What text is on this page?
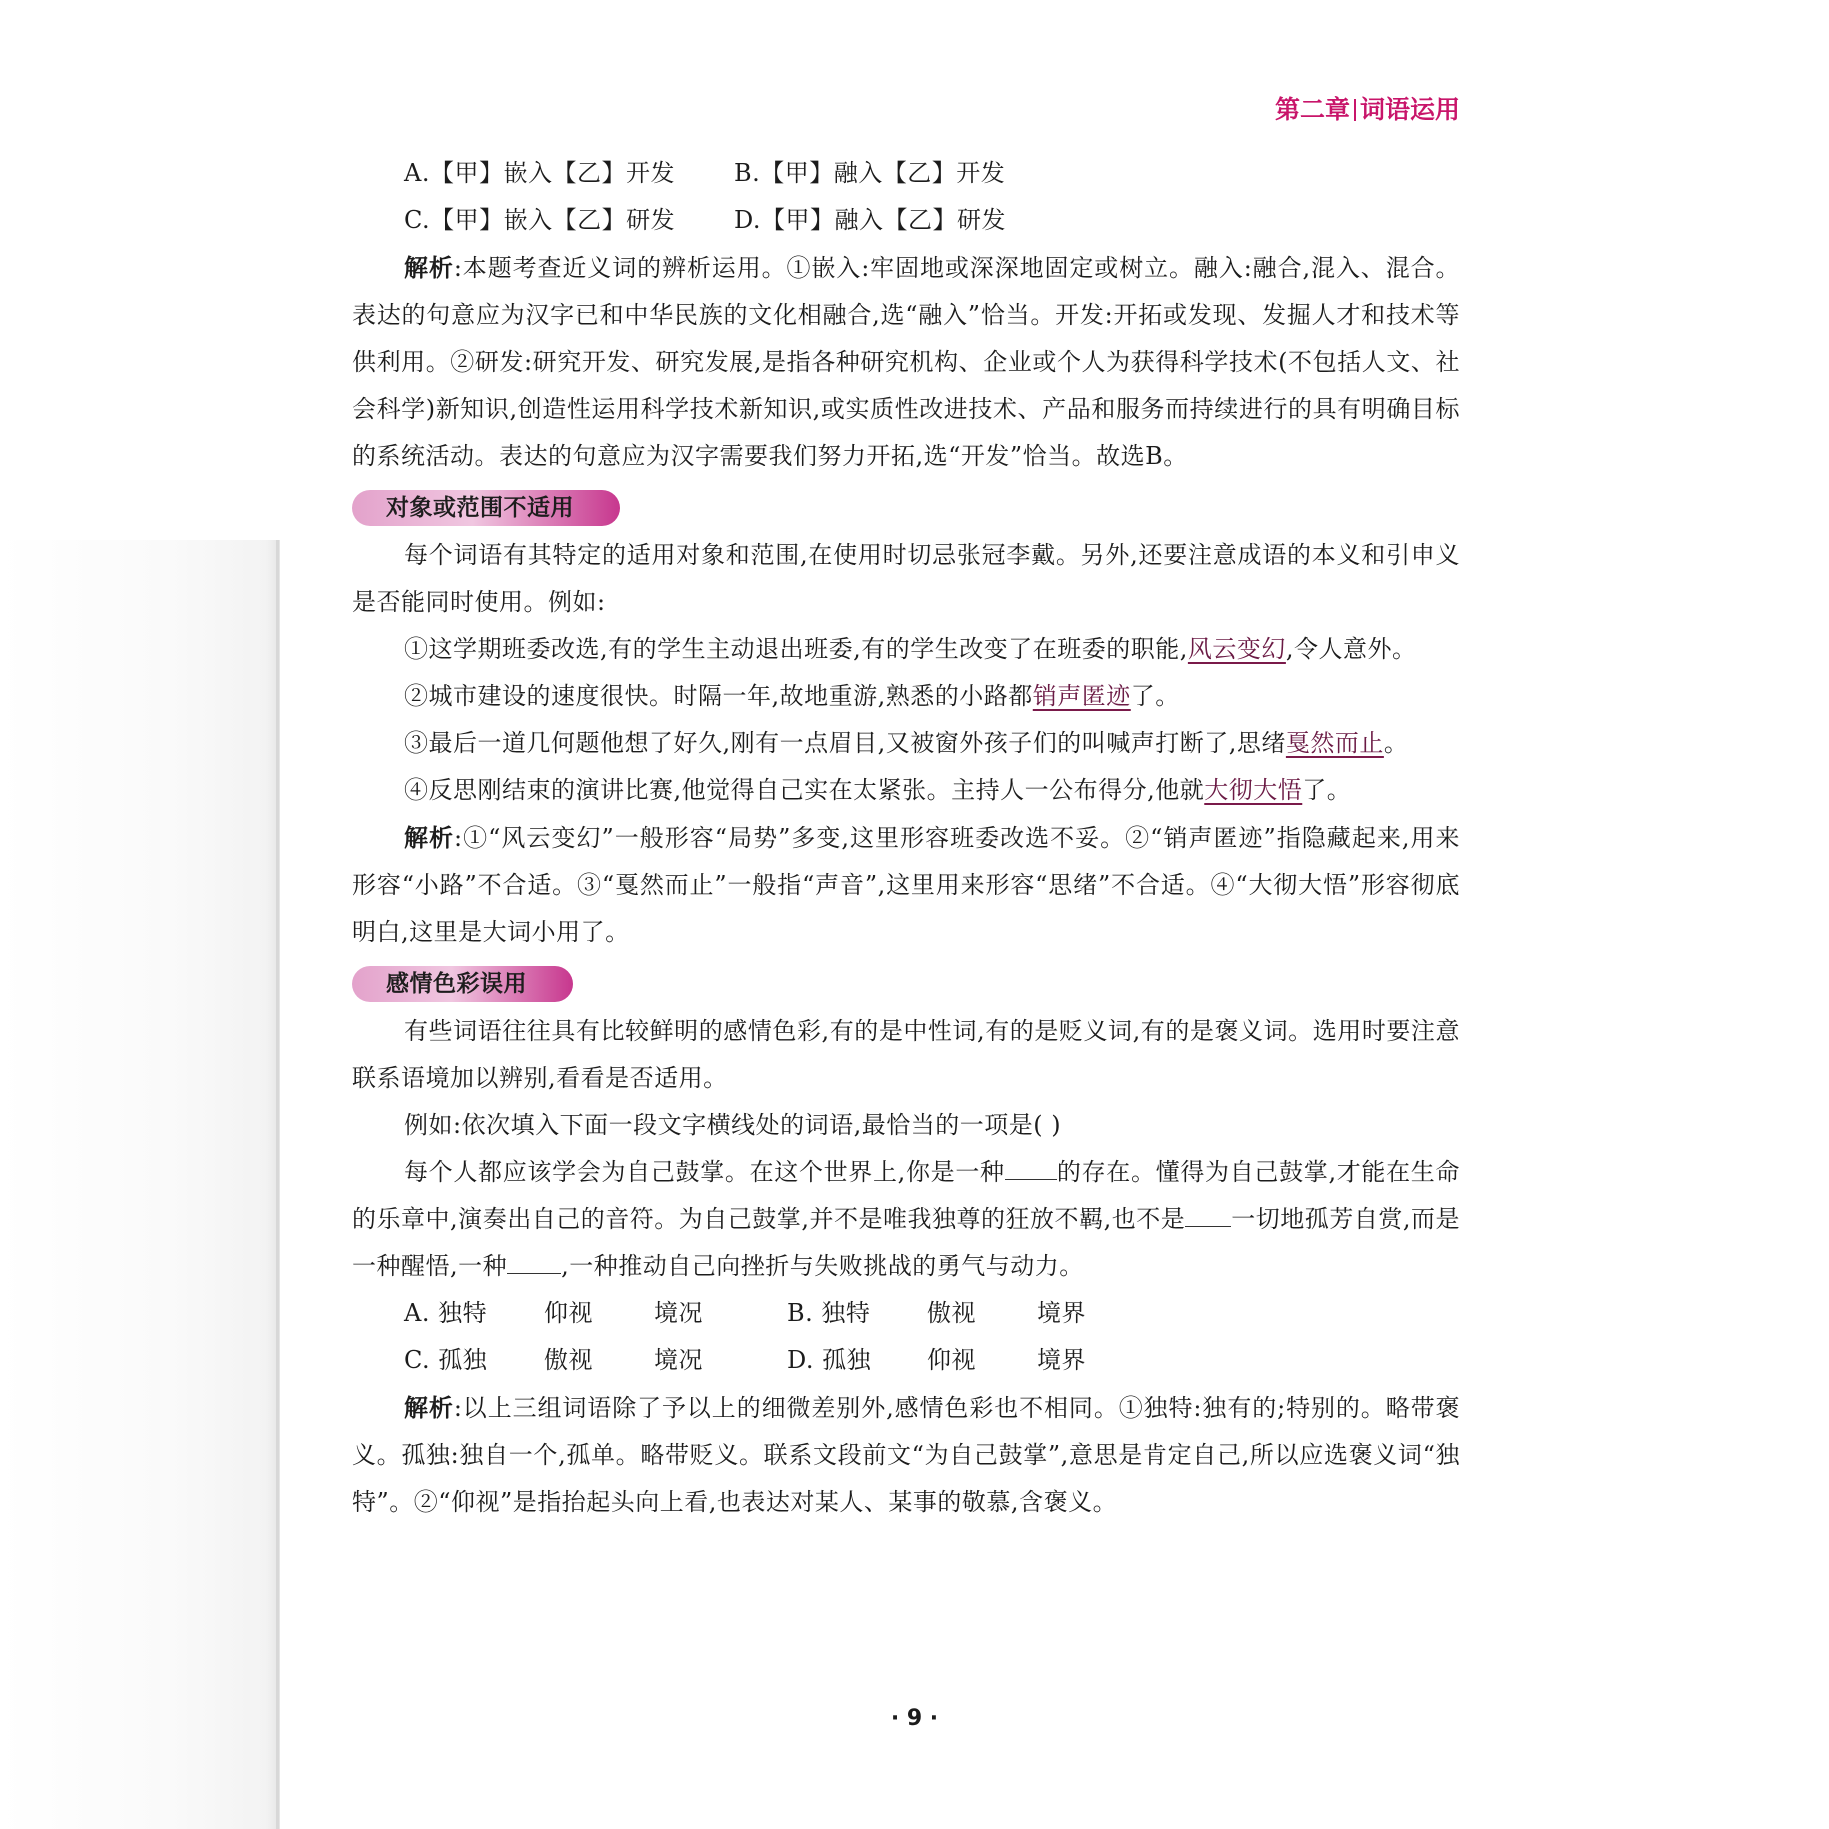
第二章 词语运用
A.【甲】嵌入【乙】开发	B.【甲】融入【乙】开发
C.【甲】嵌入【乙】研发	D.【甲】融入【乙】研发

解析:本题考查近义词的辨析运用。①嵌入:牢固地或深深地固定或树立。融入:融合,混入、混合。表达的句意应为汉字已和中华民族的文化相融合,选“融入”恰当。开发:开拓或发现、发掘人才和技术等供利用。②研发:研究开发、研究发展,是指各种研究机构、企业或个人为获得科学技术(不包括人文、社会科学)新知识,创造性运用科学技术新知识,或实质性改进技术、产品和服务而持续进行的具有明确目标的系统活动。表达的句意应为汉字需要我们努力开拓,选“开发”恰当。故选B。

对象或范围不适用

每个词语有其特定的适用对象和范围,在使用时切忌张冠李戴。另外,还要注意成语的本义和引申义是否能同时使用。例如:

①这学期班委改选,有的学生主动退出班委,有的学生改变了在班委的职能,风云变幻,令人意外。

②城市建设的速度很快。时隔一年,故地重游,熟悉的小路都销声匿迹了。

③最后一道几何题他想了好久,刚有一点眉目,又被窗外孩子们的叫喊声打断了,思绪戛然而止。

④反思刚结束的演讲比赛,他觉得自己实在太紧张。主持人一公布得分,他就大彻大悟了。

解析:①“风云变幻”一般形容“局势”多变,这里形容班委改选不妥。②“销声匿迹”指隐藏起来,用来形容“小路”不合适。③“戛然而止”一般指“声音”,这里用来形容“思绪”不合适。④“大彻大悟”形容彻底明白,这里是大词小用了。

感情色彩误用

有些词语往往具有比较鲜明的感情色彩,有的是中性词,有的是贬义词,有的是褒义词。选用时要注意联系语境加以辨别,看看是否适用。

例如:依次填入下面一段文字横线处的词语,最恰当的一项是( )

每个人都应该学会为自己鼓掌。在这个世界上,你是一种 的存在。懂得为自己鼓掌,才能在生命的乐章中,演奏出自己的音符。为自己鼓掌,并不是唯我独尊的狂放不羁,也不是 一切地孤芳自赏,而是一种醒悟,一种 ,一种推动自己向挫折与失败挑战的勇气与动力。

A. 独特	仰视	境况	B. 独特	傲视	境界
C. 孤独	傲视	境况	D. 孤独	仰视	境界

解析:以上三组词语除了予以上的细微差别外,感情色彩也不相同。①独特:独有的;特别的。略带褒义。孤独:独自一个,孤单。略带贬义。联系文段前文“为自己鼓掌”,意思是肯定自己,所以应选褒义词“独特”。②“仰视”是指抬起头向上看,也表达对某人、某事的敬慕,含褒义。

· 9 ·
